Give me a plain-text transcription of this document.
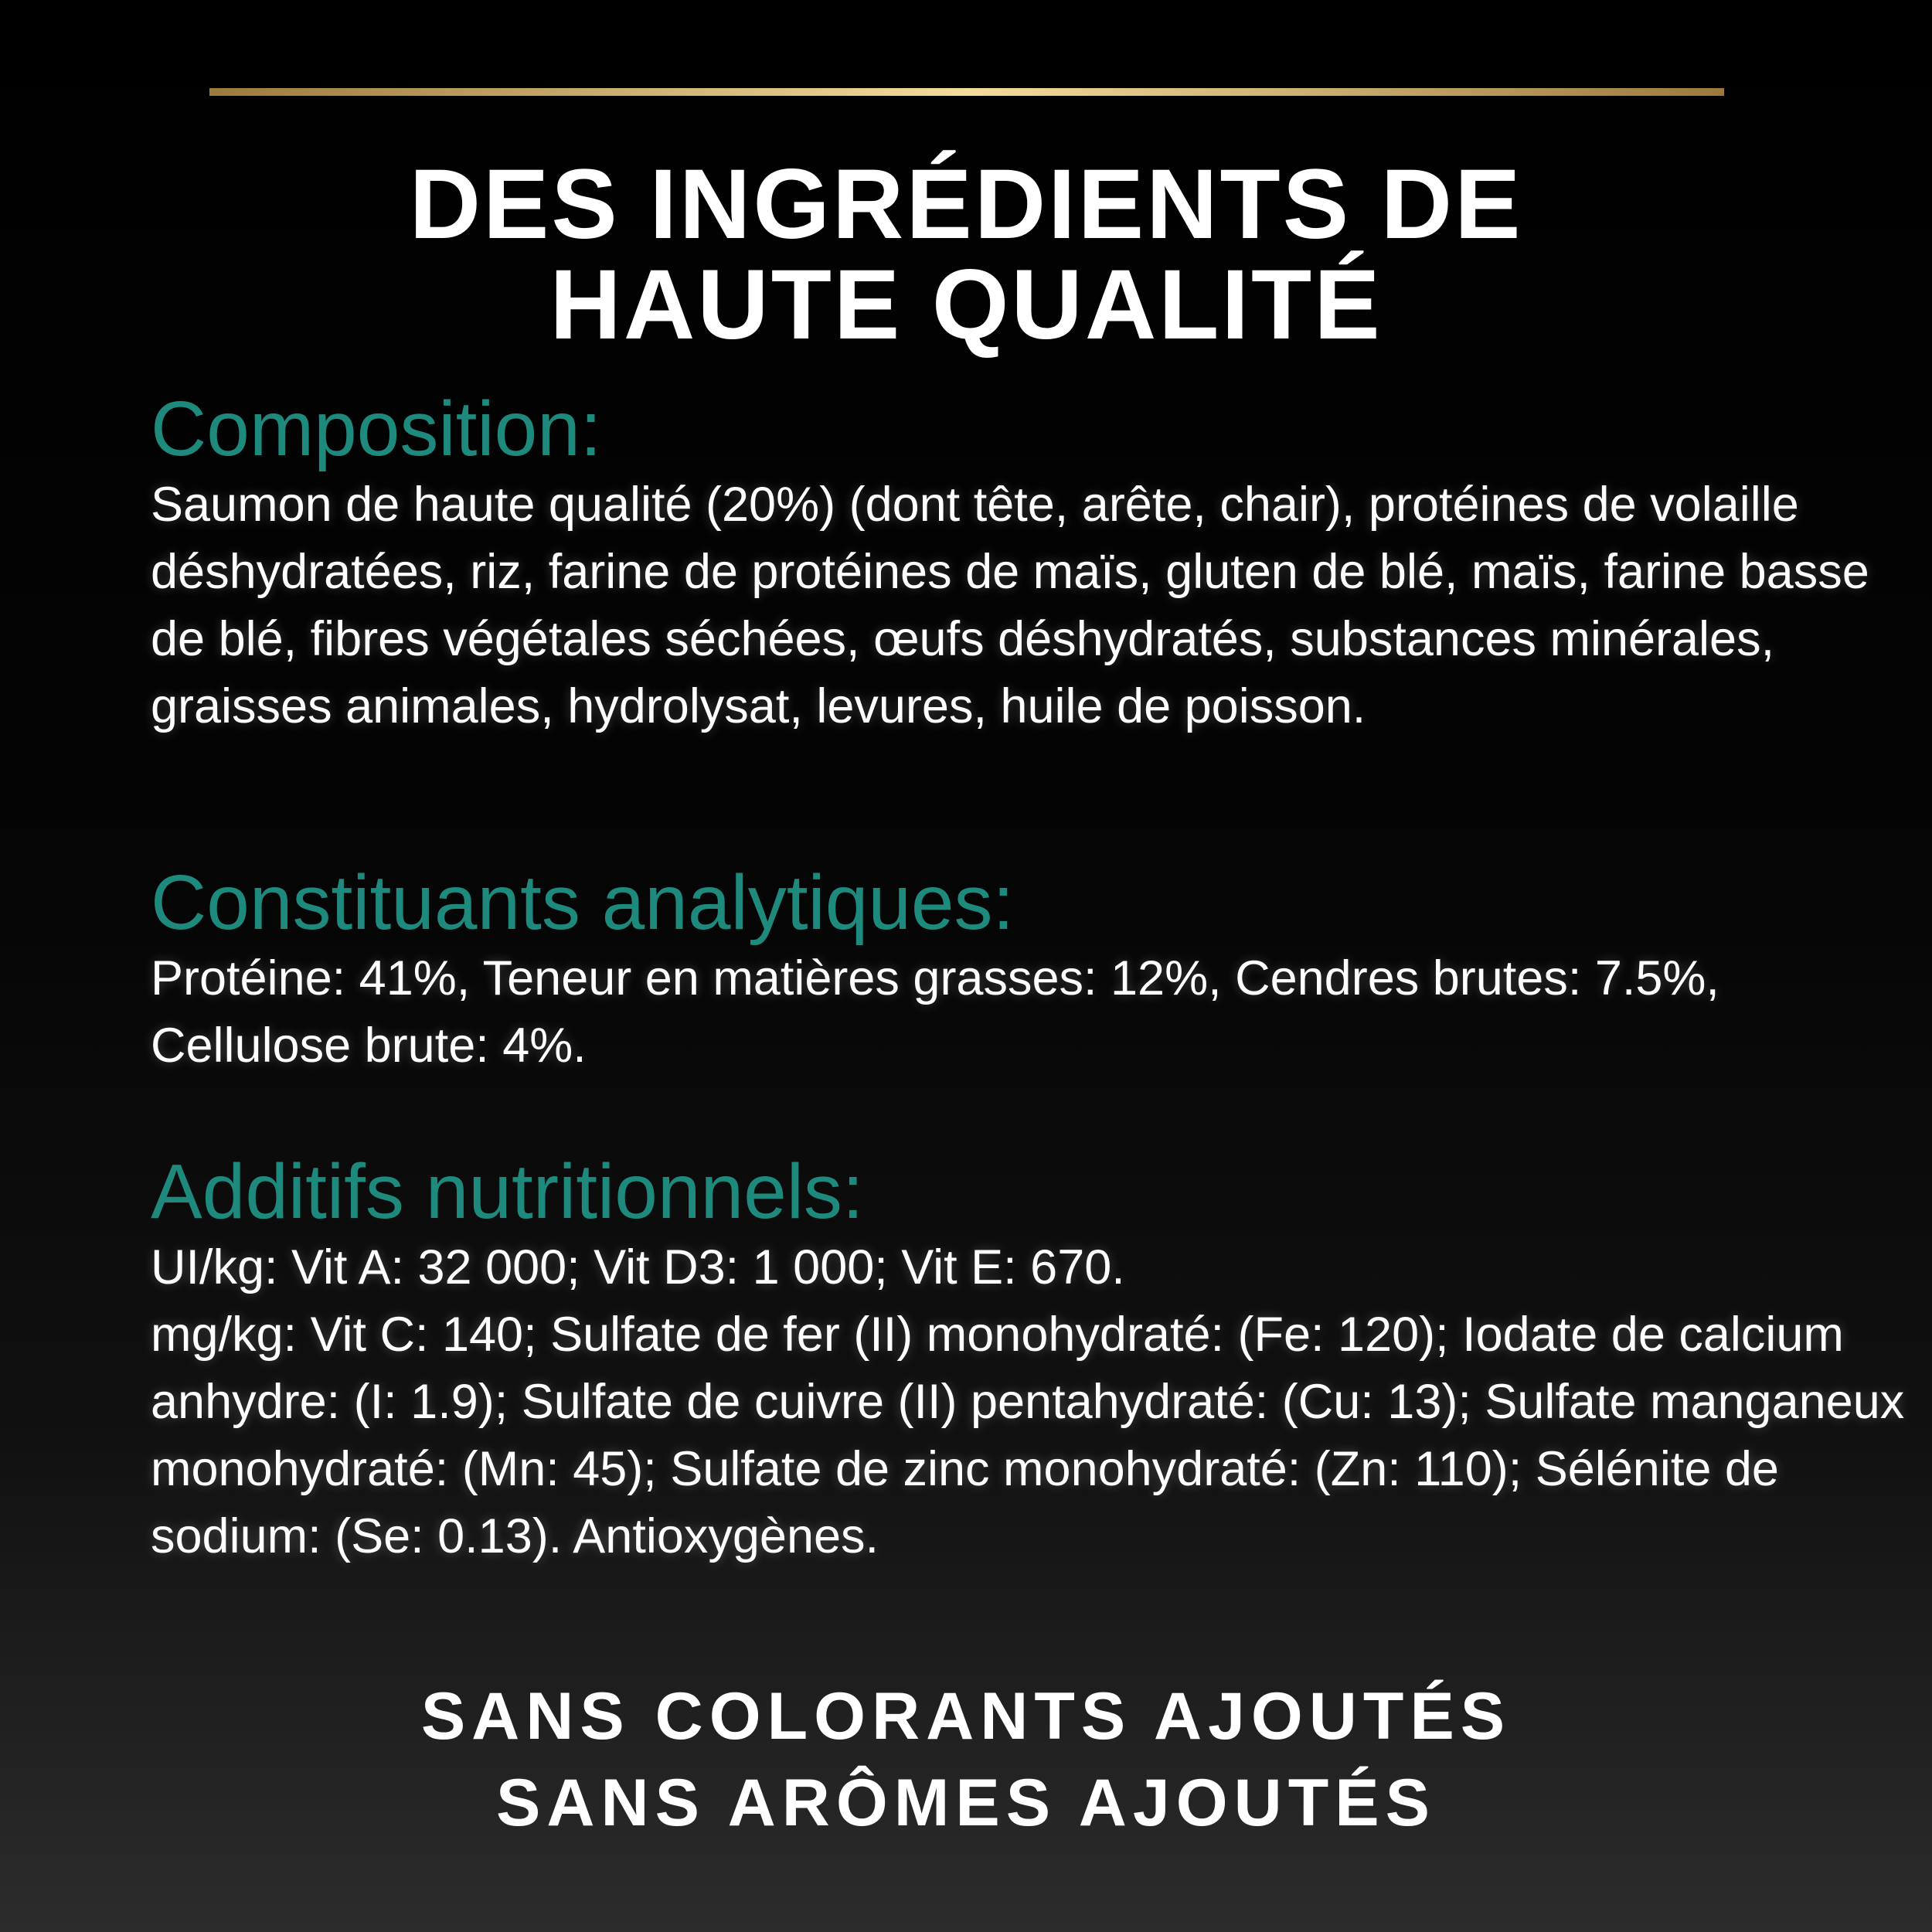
DES INGRÉDIENTS DE
HAUTE QUALITÉ
Composition:

Saumon de haute qualité (20%) (dont tête, arête, chair), protéines de volaille déshydratées, riz, farine de protéines de maïs, gluten de blé, maïs, farine basse de blé, fibres végétales séchées, œufs déshydratés, substances minérales, graisses animales, hydrolysat, levures, huile de poisson.

Constituants analytiques:

Protéine: 41%, Teneur en matières grasses: 12%, Cendres brutes: 7.5%, Cellulose brute: 4%.

Additifs nutritionnels:

UI/kg: Vit A: 32 000; Vit D3: 1 000; Vit E: 670.

mg/kg: Vit C: 140; Sulfate de fer (II) monohydraté: (Fe: 120); Iodate de calcium anhydre: (I: 1.9); Sulfate de cuivre (II) pentahydraté: (Cu: 13); Sulfate manganeux monohydraté: (Mn: 45); Sulfate de zinc monohydraté: (Zn: 110); Sélénite de sodium: (Se: 0.13). Antioxygènes.

SANS COLORANTS AJOUTÉS
SANS ARÔMES AJOUTÉS
